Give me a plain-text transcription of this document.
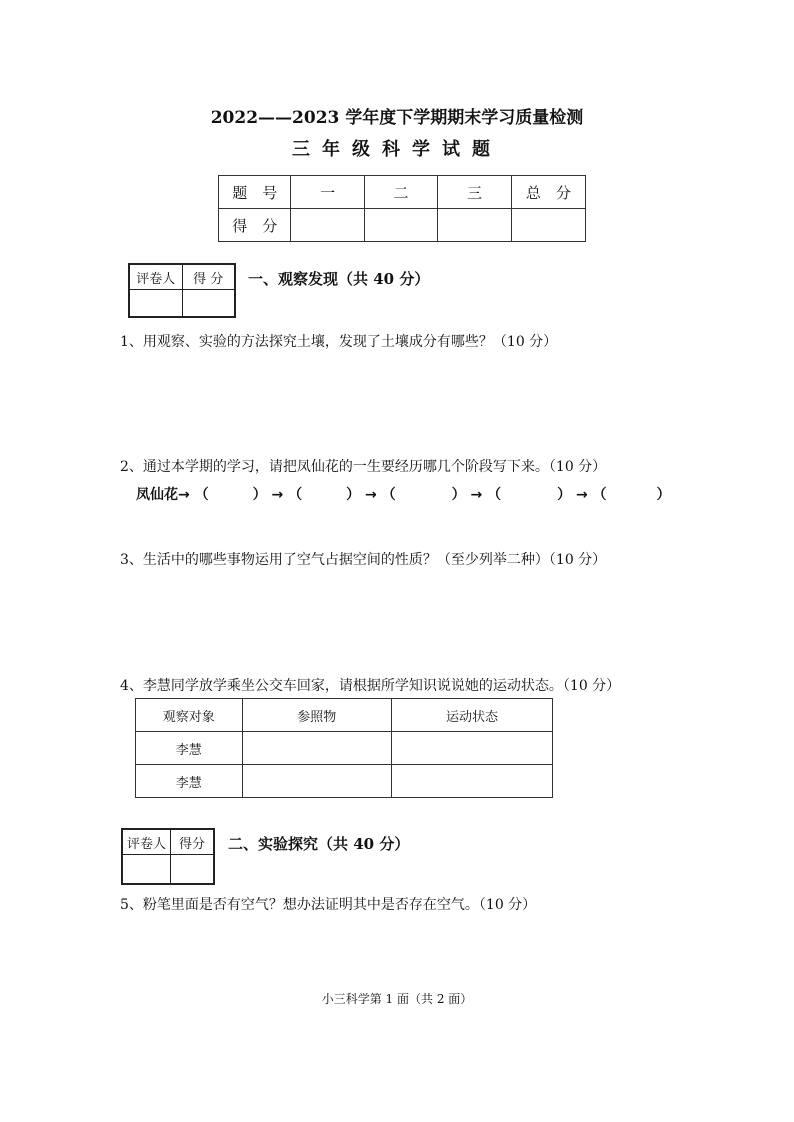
2022——2023 学年度下学期期末学习质量检测
三年级科学试题
题　号	一	二	三	总　分
得　分				
评卷人	得 分
	一、观察发现（共 40 分）
1、用观察、实验的方法探究土壤，发现了土壤成分有哪些？（10 分）
2、通过本学期的学习，请把凤仙花的一生要经历哪几个阶段写下来。（10 分）
凤仙花→ （	） → （	） → （	） → （	） → （	）
3、生活中的哪些事物运用了空气占据空间的性质？（至少列举二种）（10 分）
4、李慧同学放学乘坐公交车回家，请根据所学知识说说她的运动状态。（10 分）
观察对象	参照物	运动状态
李慧		
李慧		
评卷人	得分
	二、实验探究（共 40 分）
5、粉笔里面是否有空气？想办法证明其中是否存在空气。（10 分）
小三科学第 1 面（共 2 面）
